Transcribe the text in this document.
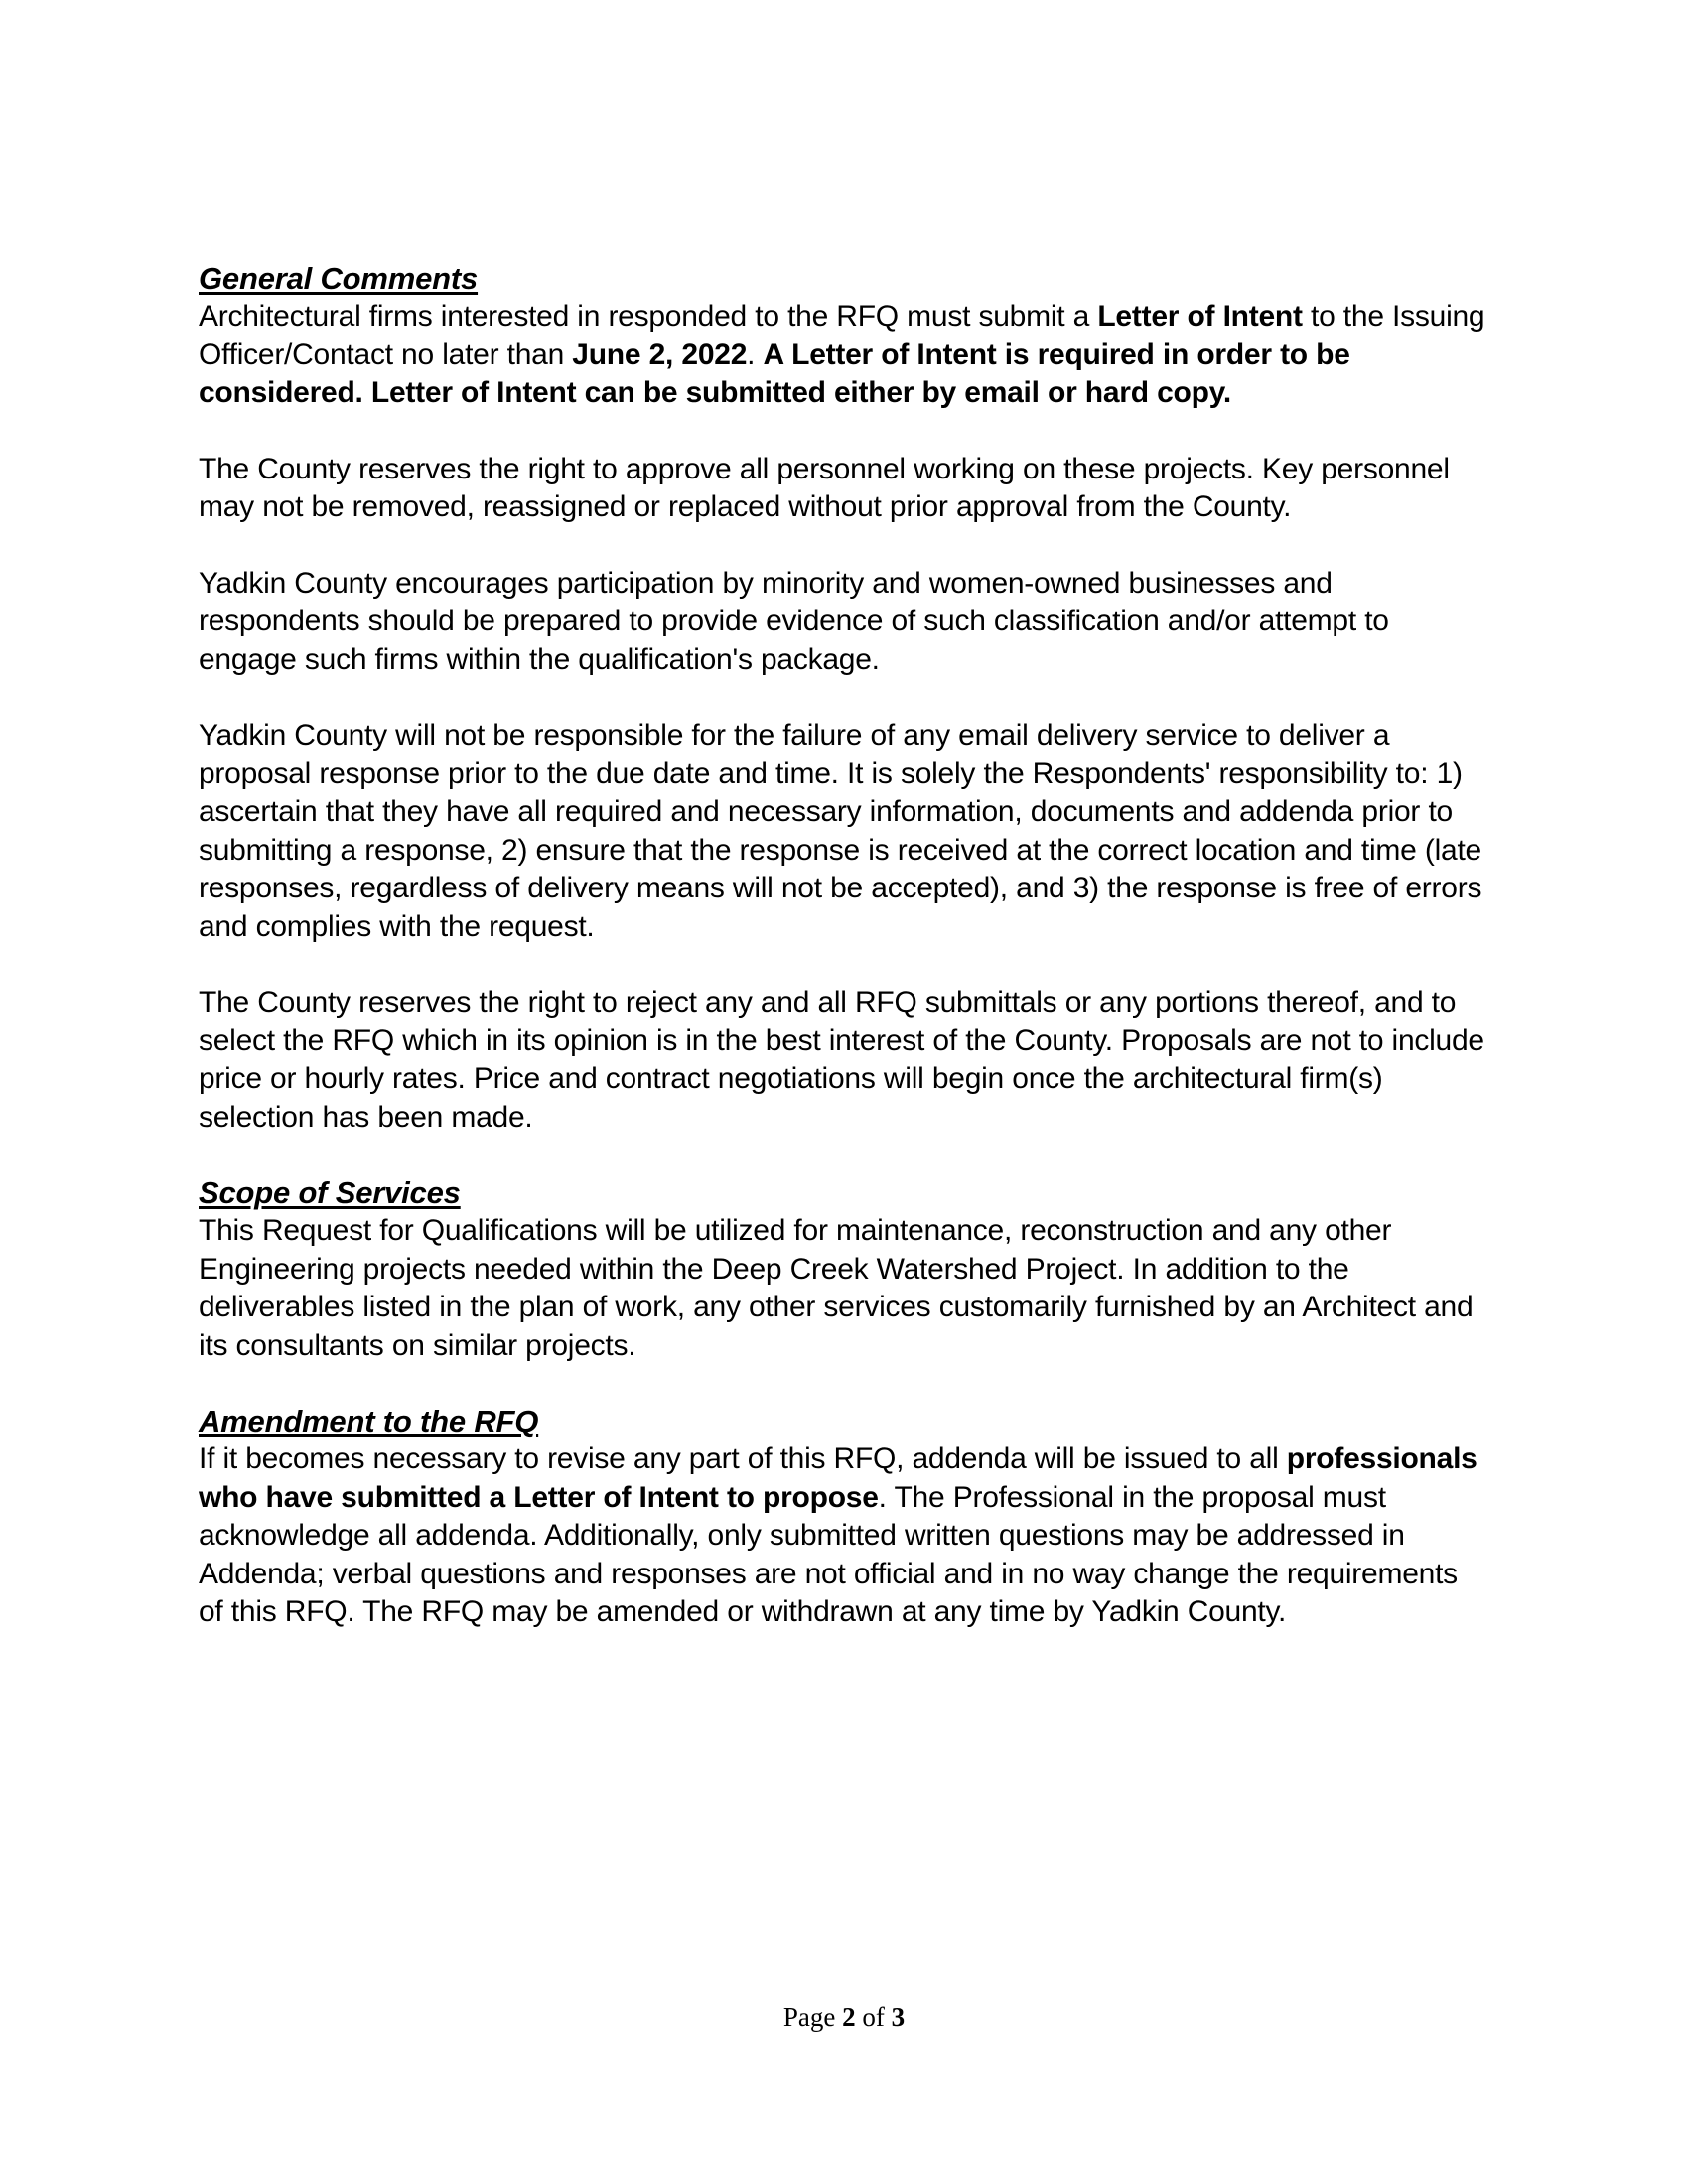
General Comments

Architectural firms interested in responded to the RFQ must submit a Letter of Intent to the Issuing Officer/Contact no later than June 2, 2022. A Letter of Intent is required in order to be considered. Letter of Intent can be submitted either by email or hard copy.

The County reserves the right to approve all personnel working on these projects. Key personnel may not be removed, reassigned or replaced without prior approval from the County.

Yadkin County encourages participation by minority and women-owned businesses and respondents should be prepared to provide evidence of such classification and/or attempt to engage such firms within the qualification's package.

Yadkin County will not be responsible for the failure of any email delivery service to deliver a proposal response prior to the due date and time. It is solely the Respondents' responsibility to: 1) ascertain that they have all required and necessary information, documents and addenda prior to submitting a response, 2) ensure that the response is received at the correct location and time (late responses, regardless of delivery means will not be accepted), and 3) the response is free of errors and complies with the request.

The County reserves the right to reject any and all RFQ submittals or any portions thereof, and to select the RFQ which in its opinion is in the best interest of the County. Proposals are not to include price or hourly rates. Price and contract negotiations will begin once the architectural firm(s) selection has been made.

Scope of Services

This Request for Qualifications will be utilized for maintenance, reconstruction and any other Engineering projects needed within the Deep Creek Watershed Project. In addition to the deliverables listed in the plan of work, any other services customarily furnished by an Architect and its consultants on similar projects.

Amendment to the RFQ

If it becomes necessary to revise any part of this RFQ, addenda will be issued to all professionals who have submitted a Letter of Intent to propose. The Professional in the proposal must acknowledge all addenda. Additionally, only submitted written questions may be addressed in Addenda; verbal questions and responses are not official and in no way change the requirements of this RFQ. The RFQ may be amended or withdrawn at any time by Yadkin County.

Page 2 of 3
